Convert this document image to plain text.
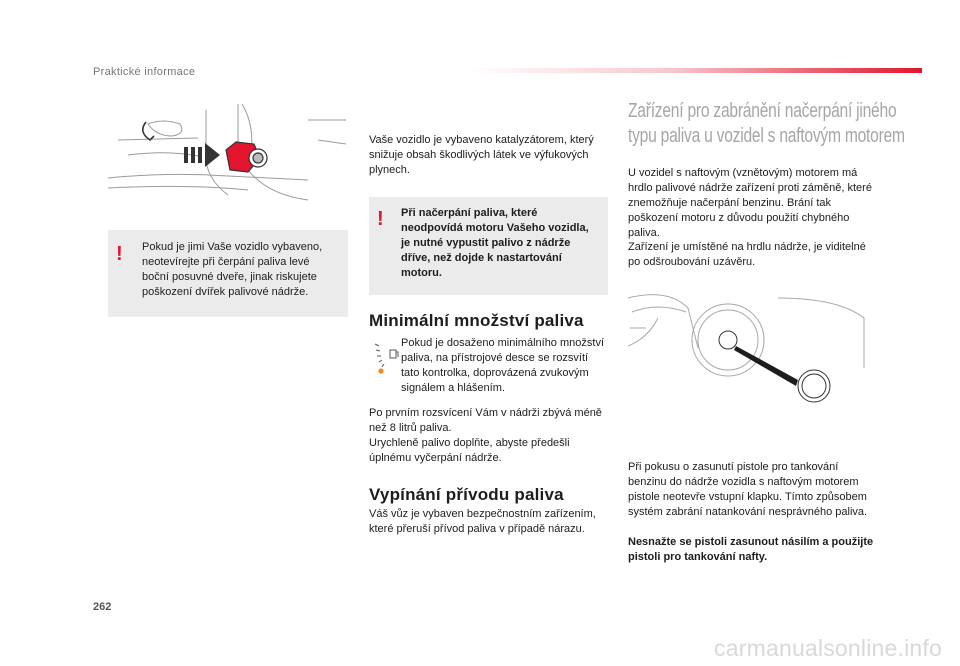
Praktické informace
! Pokud je jimi Vaše vozidlo vybaveno, neotevírejte při čerpání paliva levé boční posuvné dveře, jinak riskujete poškození dvířek palivové nádrže.

Vaše vozidlo je vybaveno katalyzátorem, který snižuje obsah škodlivých látek ve výfukových plynech.

! Při načerpání paliva, které neodpovídá motoru Vašeho vozidla, je nutné vypustit palivo z nádrže dříve, než dojde k nastartování motoru.

Minimální množství paliva

Pokud je dosaženo minimálního množství paliva, na přístrojové desce se rozsvítí tato kontrolka, doprovázená zvukovým signálem a hlášením.

Po prvním rozsvícení Vám v nádrži zbývá méně než 8 litrů paliva.

Urychleně palivo doplňte, abyste předešli úplnému vyčerpání nádrže.

Vypínání přívodu paliva

Váš vůz je vybaven bezpečnostním zařízením, které přeruší přívod paliva v případě nárazu.

Zařízení pro zabránění načerpání jiného
typu paliva u vozidel s naftovým motorem

U vozidel s naftovým (vznětovým) motorem má hrdlo palivové nádrže zařízení proti záměně, které znemožňuje načerpání benzinu. Brání tak poškození motoru z důvodu použití chybného paliva.

Zařízení je umístěné na hrdlu nádrže, je viditelné po odšroubování uzávěru.

Při pokusu o zasunutí pistole pro tankování benzinu do nádrže vozidla s naftovým motorem pistole neotevře vstupní klapku. Tímto způsobem systém zabrání natankování nesprávného paliva.

Nesnažte se pistoli zasunout násilím a použijte pistoli pro tankování nafty.

262
carmanualsonline.info
